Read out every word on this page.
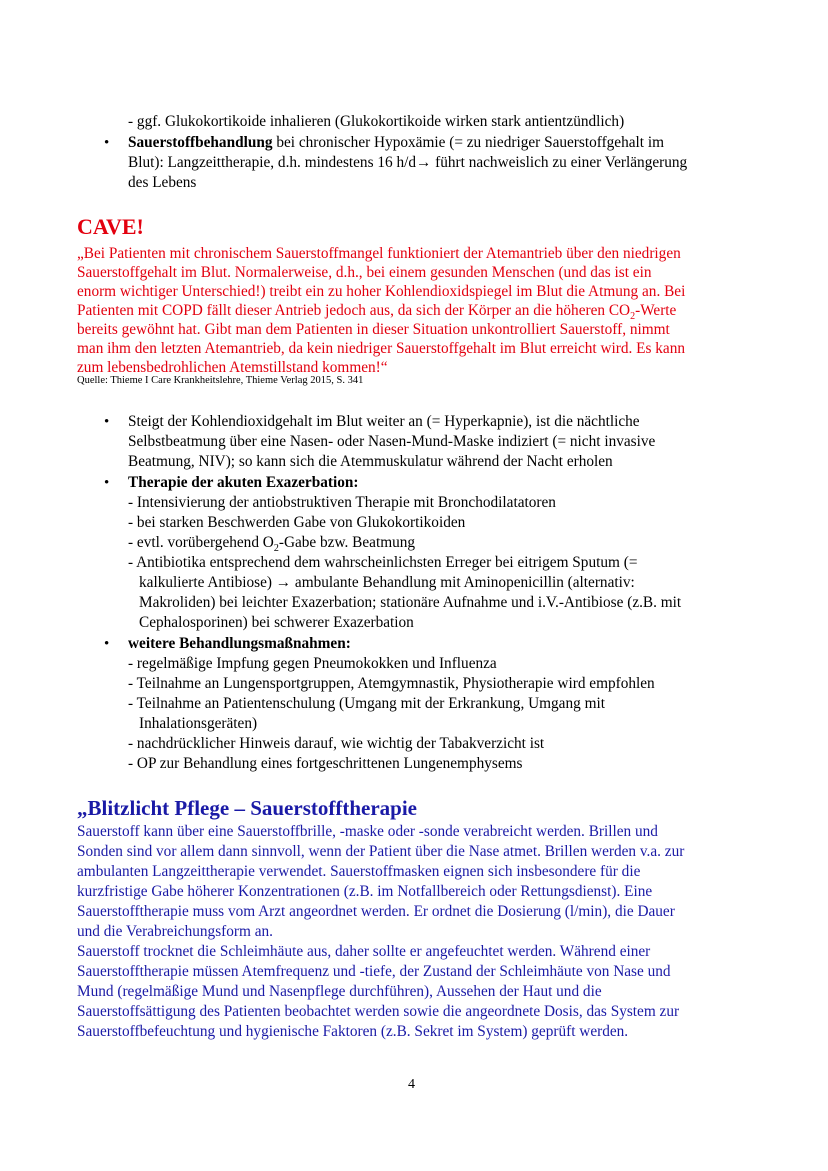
- ggf. Glukokortikoide inhalieren (Glukokortikoide wirken stark antientzündlich)
• Sauerstoffbehandlung bei chronischer Hypoxämie (= zu niedriger Sauerstoffgehalt im
Blut): Langzeittherapie, d.h. mindestens 16 h/d→ führt nachweislich zu einer Verlängerung
des Lebens
CAVE!
„Bei Patienten mit chronischem Sauerstoffmangel funktioniert der Atemantrieb über den niedrigen
Sauerstoffgehalt im Blut. Normalerweise, d.h., bei einem gesunden Menschen (und das ist ein
enorm wichtiger Unterschied!) treibt ein zu hoher Kohlendioxidspiegel im Blut die Atmung an. Bei
Patienten mit COPD fällt dieser Antrieb jedoch aus, da sich der Körper an die höheren $CO_2$-Werte
bereits gewöhnt hat. Gibt man dem Patienten in dieser Situation unkontrolliert Sauerstoff, nimmt
man ihm den letzten Atemantrieb, da kein niedriger Sauerstoffgehalt im Blut erreicht wird. Es kann
zum lebensbedrohlichen Atemstillstand kommen!“
Quelle: Thieme I Care Krankheitslehre, Thieme Verlag 2015, S. 341
• Steigt der Kohlendioxidgehalt im Blut weiter an (= Hyperkapnie), ist die nächtliche
Selbstbeatmung über eine Nasen- oder Nasen-Mund-Maske indiziert (= nicht invasive
Beatmung, NIV); so kann sich die Atemmuskulatur während der Nacht erholen
• Therapie der akuten Exazerbation:
- Intensivierung der antiobstruktiven Therapie mit Bronchodilatatoren
- bei starken Beschwerden Gabe von Glukokortikoiden
- evtl. vorübergehend $O_2$-Gabe bzw. Beatmung
- Antibiotika entsprechend dem wahrscheinlichsten Erreger bei eitrigem Sputum (=
kalkulierte Antibiose) → ambulante Behandlung mit Aminopenicillin (alternativ:
Makroliden) bei leichter Exazerbation; stationäre Aufnahme und i.V.-Antibiose (z.B. mit
Cephalosporinen) bei schwerer Exazerbation
• weitere Behandlungsmaßnahmen:
- regelmäßige Impfung gegen Pneumokokken und Influenza
- Teilnahme an Lungensportgruppen, Atemgymnastik, Physiotherapie wird empfohlen
- Teilnahme an Patientenschulung (Umgang mit der Erkrankung, Umgang mit
Inhalationsgeräten)
- nachdrücklicher Hinweis darauf, wie wichtig der Tabakverzicht ist
- OP zur Behandlung eines fortgeschrittenen Lungenemphysems
„Blitzlicht Pflege – Sauerstofftherapie
Sauerstoff kann über eine Sauerstoffbrille, -maske oder -sonde verabreicht werden. Brillen und
Sonden sind vor allem dann sinnvoll, wenn der Patient über die Nase atmet. Brillen werden v.a. zur
ambulanten Langzeittherapie verwendet. Sauerstoffmasken eignen sich insbesondere für die
kurzfristige Gabe höherer Konzentrationen (z.B. im Notfallbereich oder Rettungsdienst). Eine
Sauerstofftherapie muss vom Arzt angeordnet werden. Er ordnet die Dosierung (l/min), die Dauer
und die Verabreichungsform an.
Sauerstoff trocknet die Schleimhäute aus, daher sollte er angefeuchtet werden. Während einer
Sauerstofftherapie müssen Atemfrequenz und -tiefe, der Zustand der Schleimhäute von Nase und
Mund (regelmäßige Mund und Nasenpflege durchführen), Aussehen der Haut und die
Sauerstoffsättigung des Patienten beobachtet werden sowie die angeordnete Dosis, das System zur
Sauerstoffbefeuchtung und hygienische Faktoren (z.B. Sekret im System) geprüft werden.
4
